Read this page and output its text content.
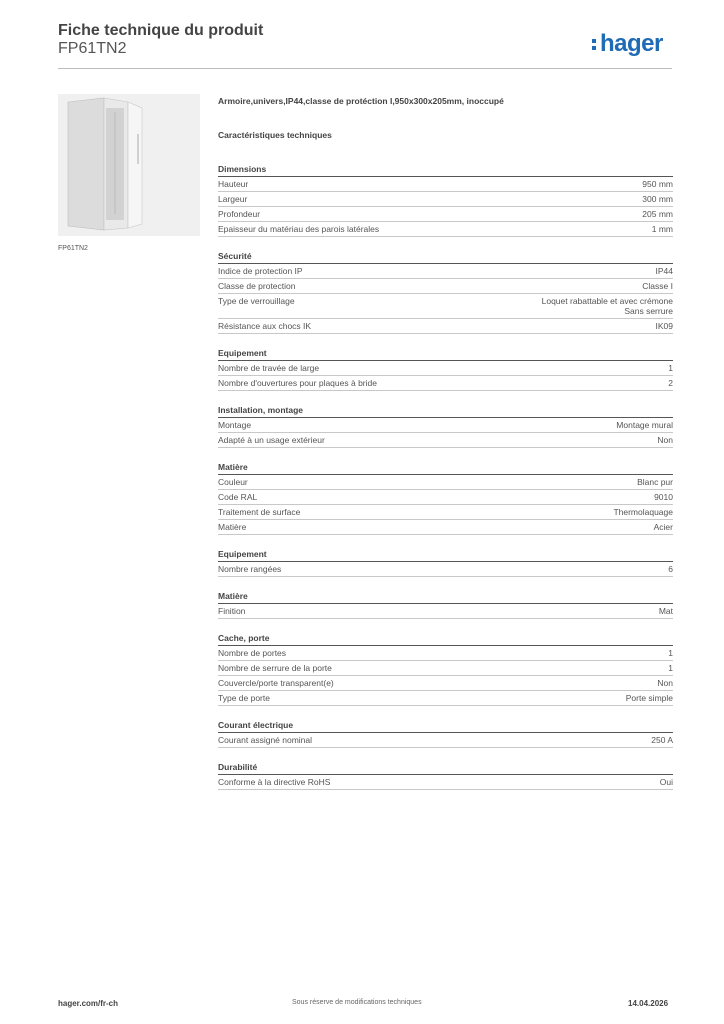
Fiche technique du produit
FP61TN2	hager
FP61TN2
Armoire,univers,IP44,classe de protéction I,950x300x205mm, inoccupé
Caractéristiques techniques
Dimensions
Hauteur	950 mm
Largeur	300 mm
Profondeur	205 mm
Epaisseur du matériau des parois latérales	1 mm
Sécurité
Indice de protection IP	IP44
Classe de protection	Classe I
Type de verrouillage	Loquet rabattable et avec crémone
Sans serrure
Résistance aux chocs IK	IK09
Equipement
Nombre de travée de large	1
Nombre d'ouvertures pour plaques à bride	2
Installation, montage
Montage	Montage mural
Adapté à un usage extérieur	Non
Matière
Couleur	Blanc pur
Code RAL	9010
Traitement de surface	Thermolaquage
Matière	Acier
Equipement
Nombre rangées	6
Matière
Finition	Mat
Cache, porte
Nombre de portes	1
Nombre de serrure de la porte	1
Couvercle/porte transparent(e)	Non
Type de porte	Porte simple
Courant électrique
Courant assigné nominal	250 A
Durabilité
Conforme à la directive RoHS	Oui
hager.com/fr-ch	Sous réserve de modifications techniques	14.04.2026
